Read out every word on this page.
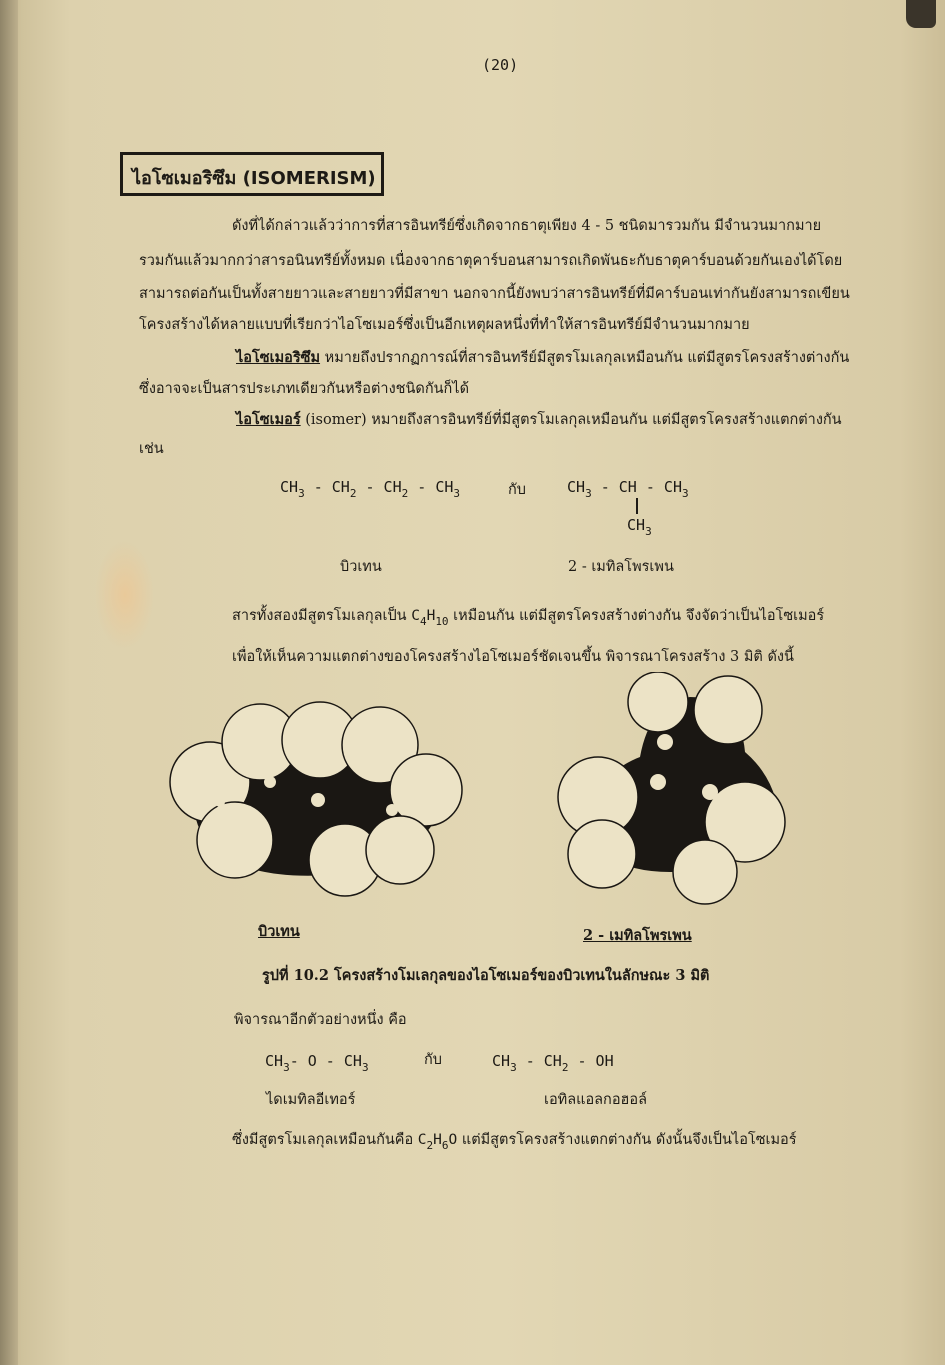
(20)
ไอโซเมอริซึม (ISOMERISM)
ดังที่ได้กล่าวแล้วว่าการที่สารอินทรีย์ซึ่งเกิดจากธาตุเพียง 4 - 5 ชนิดมารวมกัน มีจำนวนมากมาย
รวมกันแล้วมากกว่าสารอนินทรีย์ทั้งหมด เนื่องจากธาตุคาร์บอนสามารถเกิดพันธะกับธาตุคาร์บอนด้วยกันเองได้โดย
สามารถต่อกันเป็นทั้งสายยาวและสายยาวที่มีสาขา นอกจากนี้ยังพบว่าสารอินทรีย์ที่มีคาร์บอนเท่ากันยังสามารถเขียน
โครงสร้างได้หลายแบบที่เรียกว่าไอโซเมอร์ซึ่งเป็นอีกเหตุผลหนึ่งที่ทำให้สารอินทรีย์มีจำนวนมากมาย
ไอโซเมอริซึม หมายถึงปรากฏการณ์ที่สารอินทรีย์มีสูตรโมเลกุลเหมือนกัน แต่มีสูตรโครงสร้างต่างกัน
ซึ่งอาจจะเป็นสารประเภทเดียวกันหรือต่างชนิดกันก็ได้
ไอโซเมอร์ (isomer) หมายถึงสารอินทรีย์ที่มีสูตรโมเลกุลเหมือนกัน แต่มีสูตรโครงสร้างแตกต่างกัน
เช่น
$CH_3 - CH_2 - CH_2 - CH_3$	กับ	$CH_3$ - CH - $CH_3$
$CH_3$
บิวเทน	2 - เมทิลโพรเพน
สารทั้งสองมีสูตรโมเลกุลเป็น $C_4H_{10}$ เหมือนกัน แต่มีสูตรโครงสร้างต่างกัน จึงจัดว่าเป็นไอโซเมอร์
เพื่อให้เห็นความแตกต่างของโครงสร้างไอโซเมอร์ชัดเจนขึ้น พิจารณาโครงสร้าง 3 มิติ ดังนี้
บิวเทน	2 - เมทิลโพรเพน
รูปที่ 10.2 โครงสร้างโมเลกุลของไอโซเมอร์ของบิวเทนในลักษณะ 3 มิติ
พิจารณาอีกตัวอย่างหนึ่ง คือ
$CH_3-$ O - $CH_3$	กับ	$CH_3 - CH_2$ - OH
ไดเมทิลอีเทอร์	เอทิลแอลกอฮอล์
ซึ่งมีสูตรโมเลกุลเหมือนกันคือ $C_2H_6O$ แต่มีสูตรโครงสร้างแตกต่างกัน ดังนั้นจึงเป็นไอโซเมอร์
